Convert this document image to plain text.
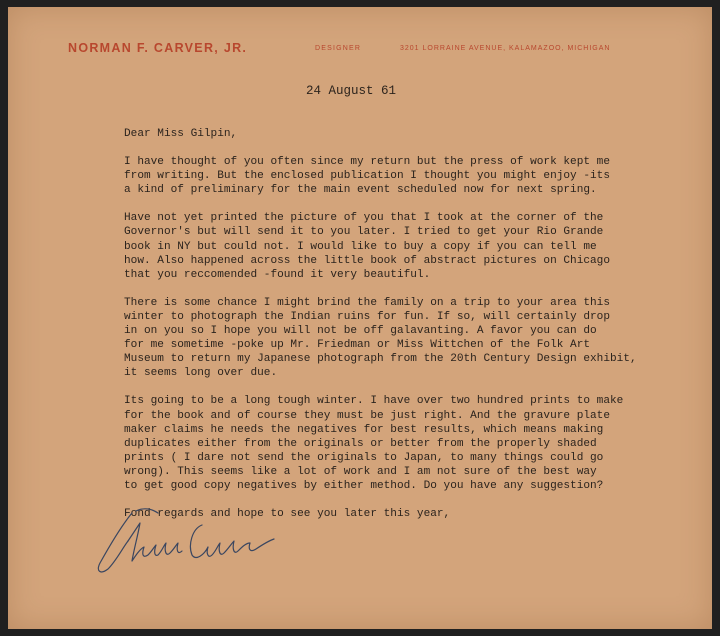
NORMAN F. CARVER, JR.	DESIGNER	3201 LORRAINE AVENUE, KALAMAZOO, MICHIGAN
24 August 61
Dear Miss Gilpin,
I have thought of you often since my return but the press of work kept me
from writing. But the enclosed publication I thought you might enjoy -its
a kind of preliminary for the main event scheduled now for next spring.
Have not yet printed the picture of you that I took at the corner of the
Governor's but will send it to you later. I tried to get your Rio Grande
book in NY but could not. I would like to buy a copy if you can tell me
how. Also happened across the little book of abstract pictures on Chicago
that you reccomended -found it very beautiful.
There is some chance I might brind the family on a trip to your area this
winter to photograph the Indian ruins for fun. If so, will certainly drop
in on you so I hope you will not be off galavanting. A favor you can do
for me sometime -poke up Mr. Friedman or Miss Wittchen of the Folk Art
Museum to return my Japanese photograph from the 20th Century Design exhibit,
it seems long over due.
Its going to be a long tough winter. I have over two hundred prints to make
for the book and of course they must be just right. And the gravure plate
maker claims he needs the negatives for best results, which means making
duplicates either from the originals or better from the properly shaded
prints ( I dare not send the originals to Japan, to many things could go
wrong). This seems like a lot of work and I am not sure of the best way
to get good copy negatives by either method. Do you have any suggestion?
Fond regards and hope to see you later this year,
